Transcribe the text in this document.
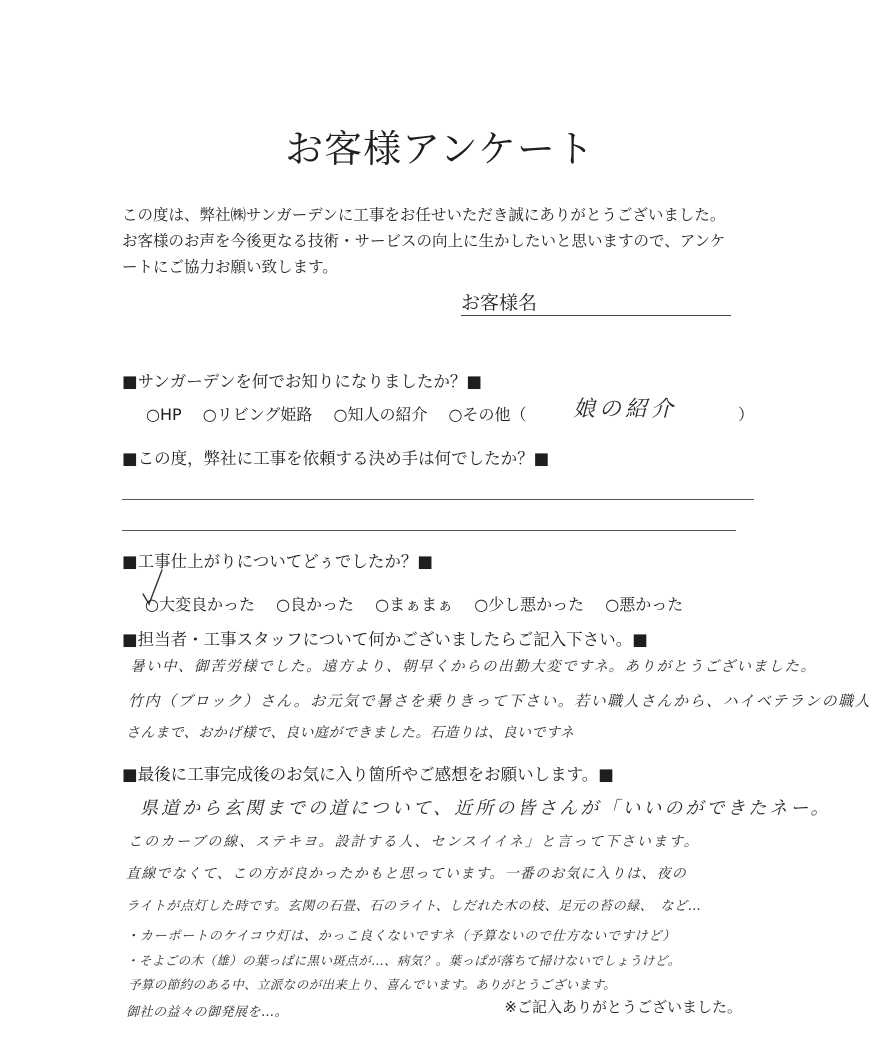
お客様アンケート
この度は、弊社㈱サンガーデンに工事をお任せいただき誠にありがとうございました。
お客様のお声を今後更なる技術・サービスの向上に生かしたいと思いますので、アンケ
ートにご協力お願い致します。
お客様名
■サンガーデンを何でお知りになりましたか？■
○HP ○リビング姫路 ○知人の紹介 ○その他（ 娘の紹介	）
■この度，弊社に工事を依頼する決め手は何でしたか？■
■工事仕上がりについてどぅでしたか？■
○大変良かった ○良かった ○まぁまぁ ○少し悪かった ○悪かった
■担当者・工事スタッフについて何かございましたらご記入下さい。■
暑い中、御苦労様でした。遠方より、朝早くからの出勤大変ですネ。ありがとうございました。
竹内（ブロック）さん。お元気で暑さを乗りきって下さい。若い職人さんから、ハイベテランの職人
さんまで、おかげ様で、良い庭ができました。石造りは、良いですネ
■最後に工事完成後のお気に入り箇所やご感想をお願いします。■
県道から玄関までの道について、近所の皆さんが「いいのができたネー。
このカーブの線、ステキヨ。設計する人、センスイイネ」と言って下さいます。
直線でなくて、この方が良かったかもと思っています。一番のお気に入りは、夜の
ライトが点灯した時です。玄関の石畳、石のライト、しだれた木の枝、足元の苔の緑、　など…
・カーポートのケイコウ灯は、かっこ良くないですネ（予算ないので仕方ないですけど）
・そよごの木（雄）の葉っぱに黒い斑点が…、病気？。葉っぱが落ちて掃けないでしょうけど。
予算の節約のある中、立派なのが出来上り、喜んでいます。ありがとうございます。
御社の益々の御発展を…。	※ご記入ありがとうございました。
